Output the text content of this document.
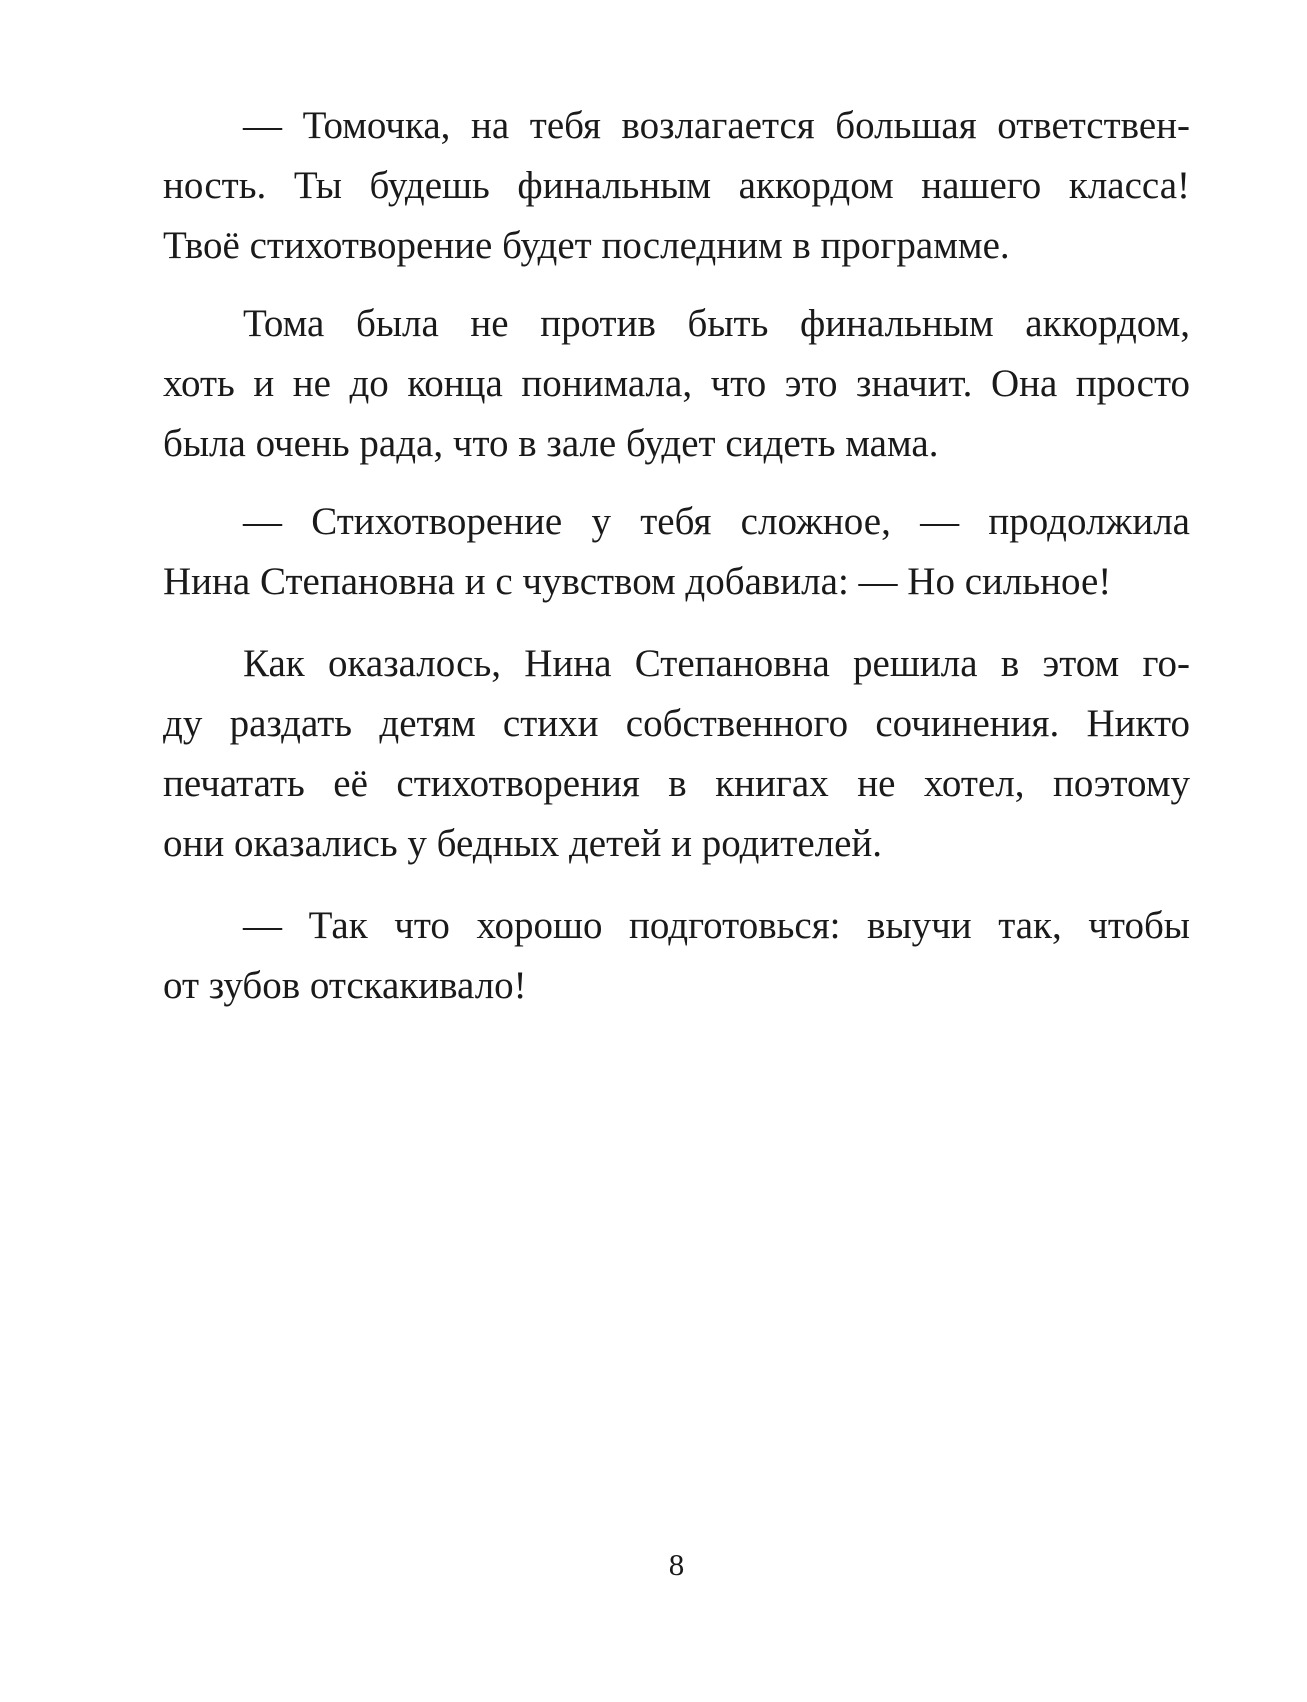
— Томочка, на тебя возлагается большая ответствен-
ность. Ты будешь финальным аккордом нашего класса!
Твоё стихотворение будет последним в программе.
Тома была не против быть финальным аккордом,
хоть и не до конца понимала, что это значит. Она просто
была очень рада, что в зале будет сидеть мама.
— Стихотворение у тебя сложное, — продолжила
Нина Степановна и с чувством добавила: — Но сильное!
Как оказалось, Нина Степановна решила в этом го-
ду раздать детям стихи собственного сочинения. Никто
печатать её стихотворения в книгах не хотел, поэтому
они оказались у бедных детей и родителей.
— Так что хорошо подготовься: выучи так, чтобы
от зубов отскакивало!
8
